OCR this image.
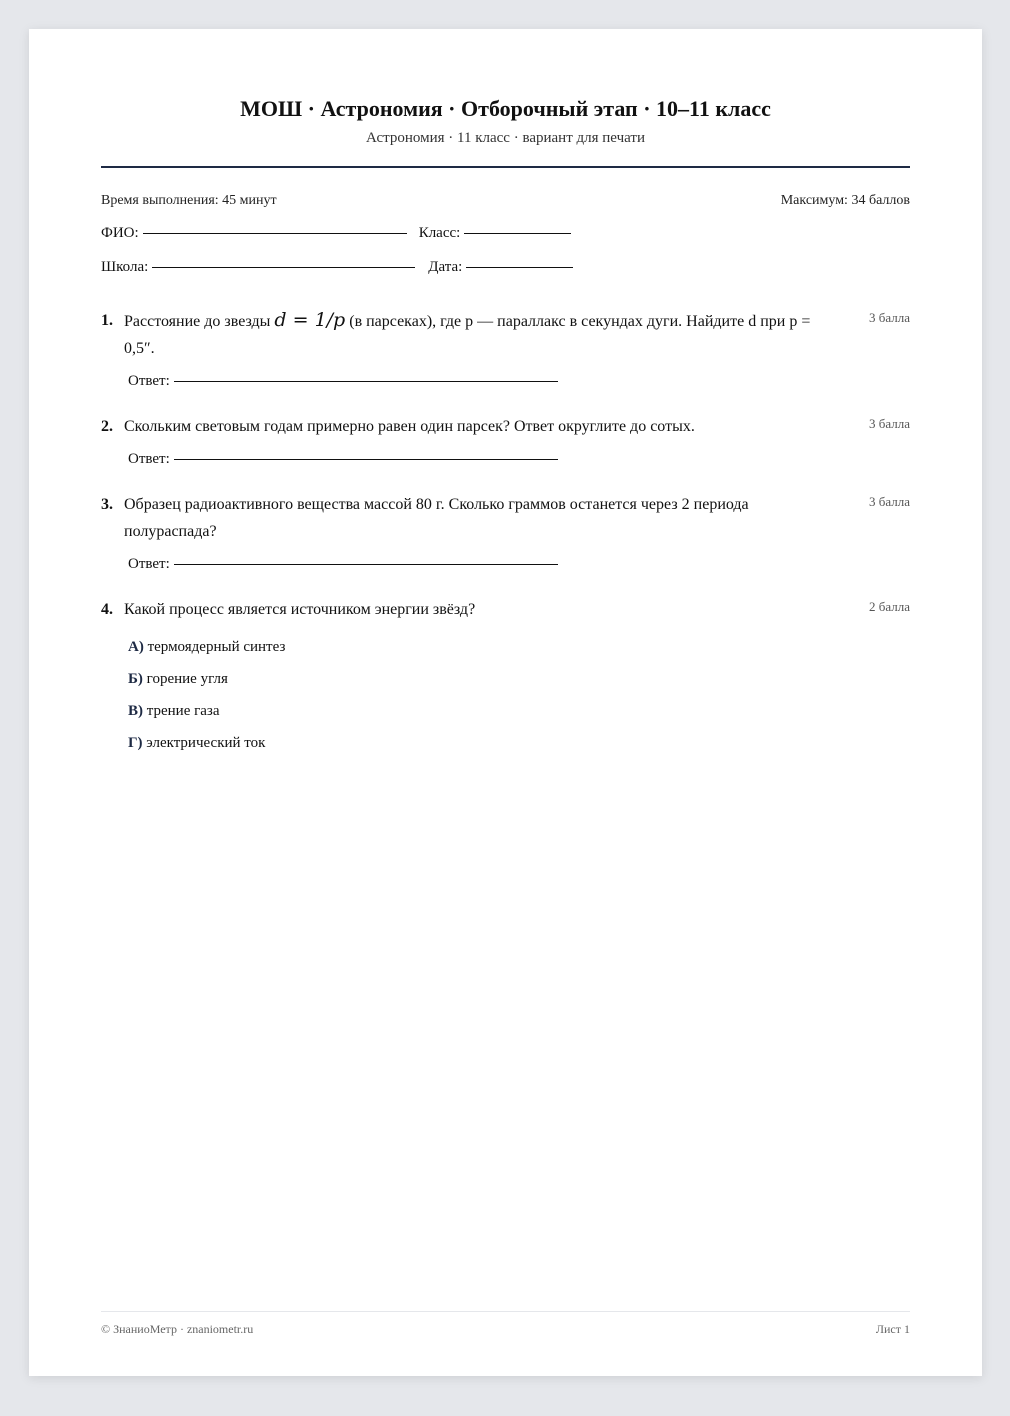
МОШ · Астрономия · Отборочный этап · 10–11 класс
Астрономия · 11 класс · вариант для печати
Время выполнения: 45 минут	Максимум: 34 баллов
ФИО:	Класс:
Школа:	Дата:
1. Расстояние до звезды d = 1/p (в парсеках), где p — параллакс в секундах дуги. Найдите d при p = 0,5″.
3 балла
Ответ:
2. Скольким световым годам примерно равен один парсек? Ответ округлите до сотых.	3 балла
Ответ:
3. Образец радиоактивного вещества массой 80 г. Сколько граммов останется через 2 периода полураспада?
3 балла
Ответ:
4. Какой процесс является источником энергии звёзд?	2 балла
А) термоядерный синтез
Б) горение угля
В) трение газа
Г) электрический ток
© ЗнаниоМетр · znaniometr.ru	Лист 1
